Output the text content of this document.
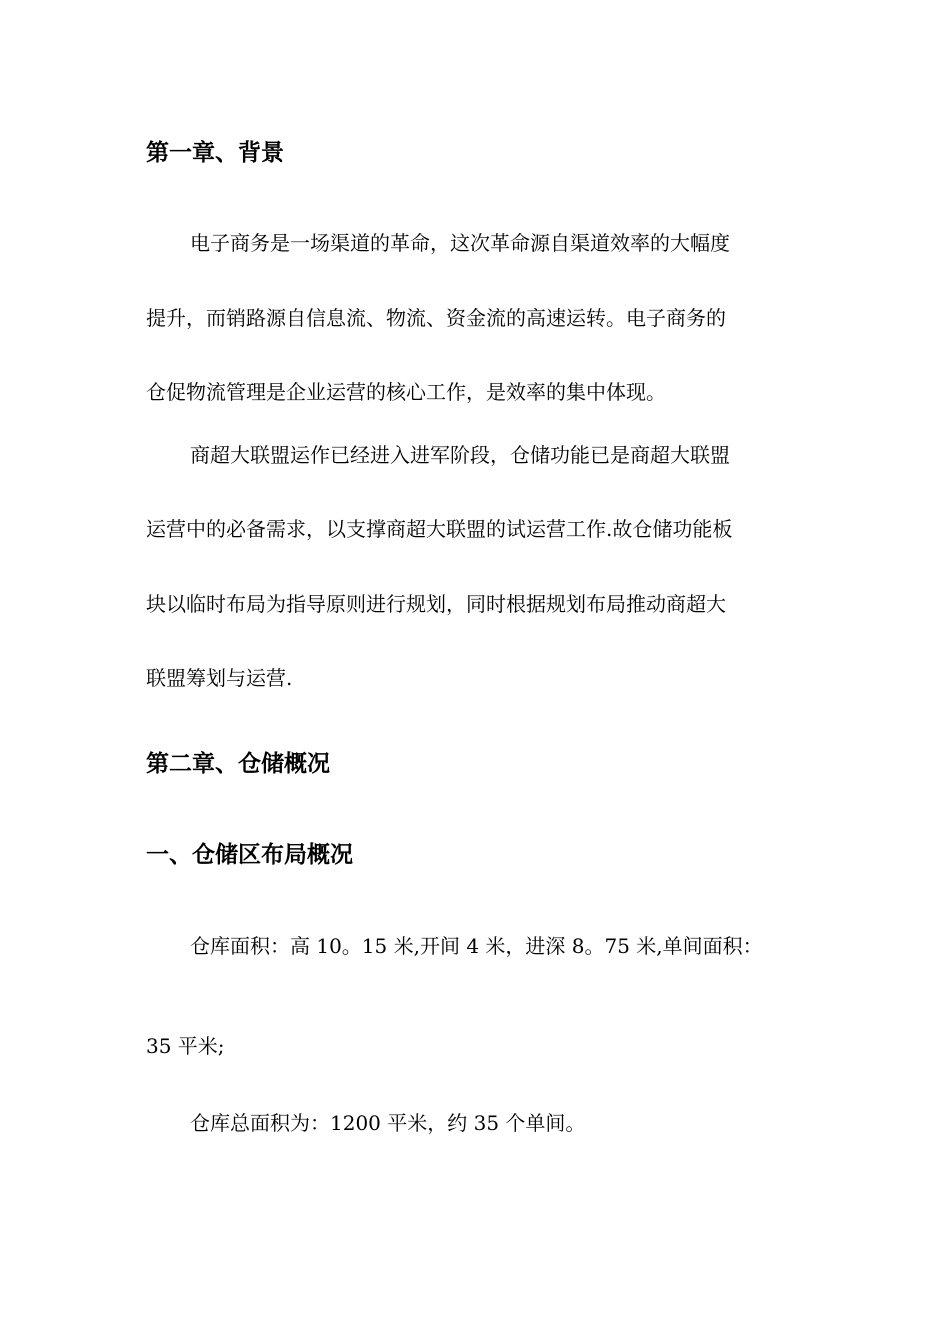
第一章、背景
电子商务是一场渠道的革命，这次革命源自渠道效率的大幅度
提升，而销路源自信息流、物流、资金流的高速运转。电子商务的
仓促物流管理是企业运营的核心工作，是效率的集中体现。
商超大联盟运作已经进入进军阶段，仓储功能已是商超大联盟
运营中的必备需求，以支撑商超大联盟的试运营工作.故仓储功能板
块以临时布局为指导原则进行规划，同时根据规划布局推动商超大
联盟筹划与运营.
第二章、仓储概况
一、仓储区布局概况
仓库面积：高 10。15 米,开间 4 米，进深 8。75 米,单间面积：
35 平米;
仓库总面积为：1200 平米，约 35 个单间。
